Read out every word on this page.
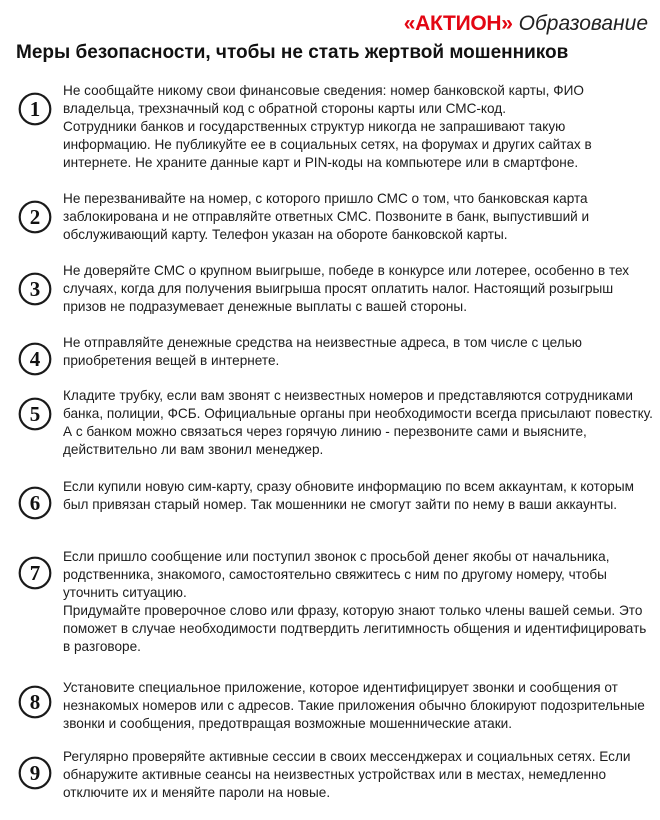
«АКТИОН» Образование
Меры безопасности, чтобы не стать жертвой мошенников
1

Не сообщайте никому свои финансовые сведения: номер банковской карты, ФИО владельца, трехзначный код с обратной стороны карты или СМС-код.

Сотрудники банков и государственных структур никогда не запрашивают такую информацию. Не публикуйте ее в социальных сетях, на форумах и других сайтах в интернете. Не храните данные карт и PIN-коды на компьютере или в смартфоне.

2

Не перезванивайте на номер, с которого пришло СМС о том, что банковская карта заблокирована и не отправляйте ответных СМС. Позвоните в банк, выпустивший и обслуживающий карту. Телефон указан на обороте банковской карты.

3

Не доверяйте СМС о крупном выигрыше, победе в конкурсе или лотерее, особенно в тех случаях, когда для получения выигрыша просят оплатить налог. Настоящий розыгрыш призов не подразумевает денежные выплаты с вашей стороны.

4

Не отправляйте денежные средства на неизвестные адреса, в том числе с целью приобретения вещей в интернете.

5

Кладите трубку, если вам звонят с неизвестных номеров и представляются сотрудниками банка, полиции, ФСБ. Официальные органы при необходимости всегда присылают повестку. А с банком можно связаться через горячую линию - перезвоните сами и выясните, действительно ли вам звонил менеджер.

6

Если купили новую сим-карту, сразу обновите информацию по всем аккаунтам, к которым был привязан старый номер. Так мошенники не смогут зайти по нему в ваши аккаунты.

7

Если пришло сообщение или поступил звонок с просьбой денег якобы от начальника, родственника, знакомого, самостоятельно свяжитесь с ним по другому номеру, чтобы уточнить ситуацию.

Придумайте проверочное слово или фразу, которую знают только члены вашей семьи. Это поможет в случае необходимости подтвердить легитимность общения и идентифицировать в разговоре.

8

Установите специальное приложение, которое идентифицирует звонки и сообщения от незнакомых номеров или с адресов. Такие приложения обычно блокируют подозрительные звонки и сообщения, предотвращая возможные мошеннические атаки.

9

Регулярно проверяйте активные сессии в своих мессенджерах и социальных сетях. Если обнаружите активные сеансы на неизвестных устройствах или в местах, немедленно отключите их и меняйте пароли на новые.
